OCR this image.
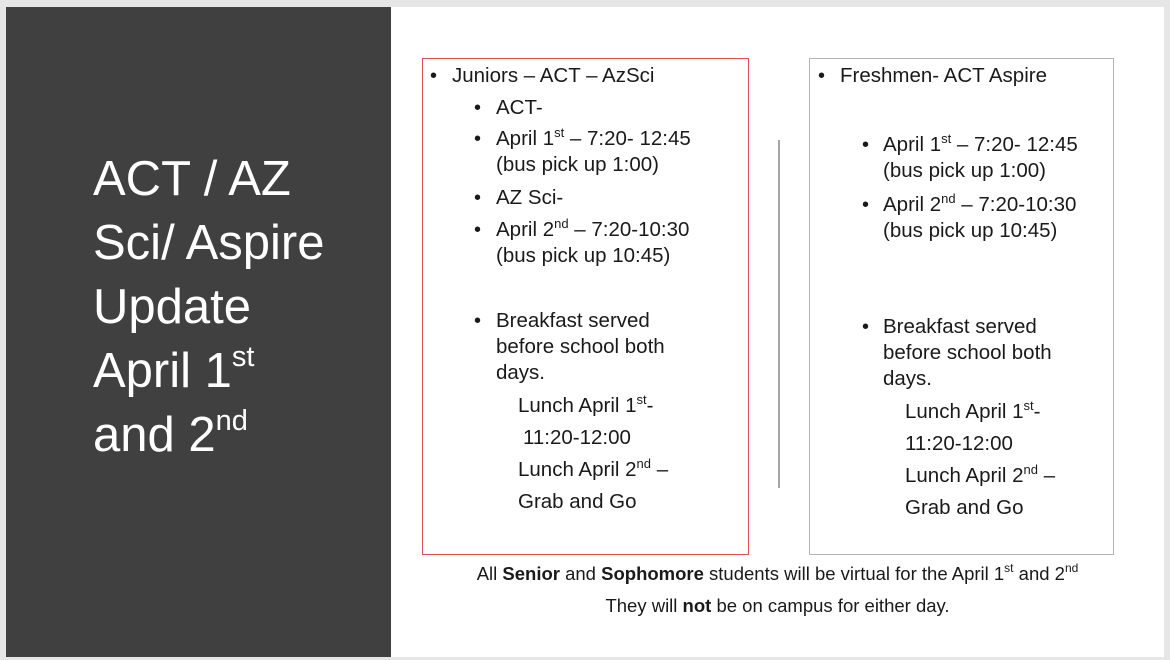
ACT / AZ
Sci/ Aspire
Update
April 1st
and 2nd
• Juniors – ACT – AzSci
• ACT-
• April 1st – 7:20- 12:45
(bus pick up 1:00)
• AZ Sci-
• April 2nd – 7:20-10:30
(bus pick up 10:45)
• Breakfast served
before school both
days.
Lunch April 1st-
11:20-12:00
Lunch April 2nd –
Grab and Go
• Freshmen- ACT Aspire
• April 1st – 7:20- 12:45
(bus pick up 1:00)
• April 2nd – 7:20-10:30
(bus pick up 10:45)
• Breakfast served
before school both
days.
Lunch April 1st-
11:20-12:00
Lunch April 2nd –
Grab and Go
All Senior and Sophomore students will be virtual for the April 1st and 2nd
They will not be on campus for either day.
